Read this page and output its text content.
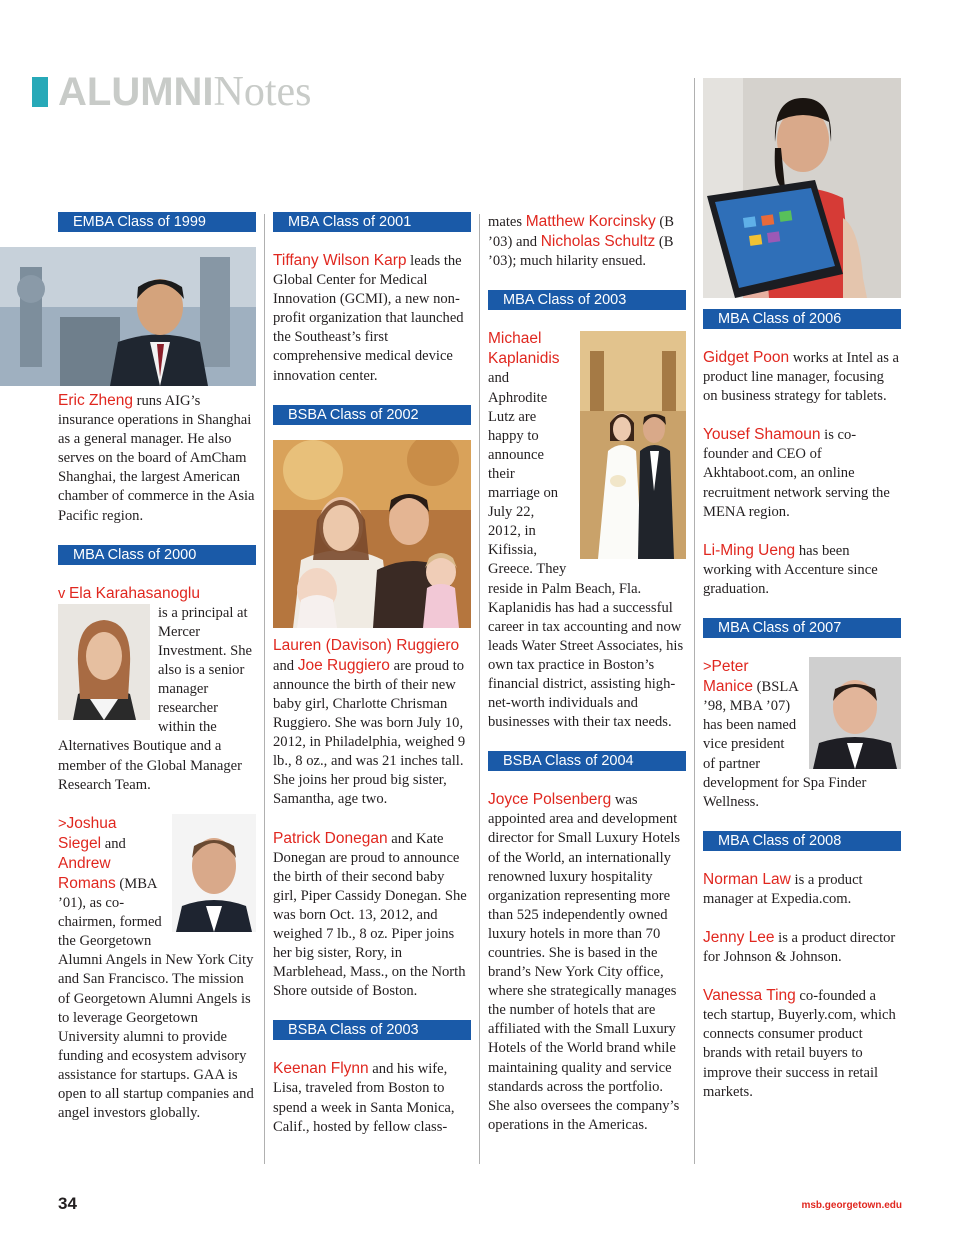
ALUMNI Notes
EMBA Class of 1999

Eric Zheng runs AIG’s insurance operations in Shanghai as a general manager. He also serves on the board of AmCham Shanghai, the largest American chamber of commerce in the Asia Pacific region.

MBA Class of 2000

v Ela Karahasanoglu

is a principal at Mercer Investment. She also is a senior manager researcher within the Alternatives Boutique and a member of the Global Manager Research Team.

>Joshua Siegel and Andrew Romans (MBA ’01), as co-chairmen, formed the Georgetown Alumni Angels in New York City and San Francisco. The mission of Georgetown Alumni Angels is to leverage Georgetown University alumni to provide funding and ecosystem advisory assistance for startups. GAA is open to all startup companies and angel investors globally.

MBA Class of 2001

Tiffany Wilson Karp leads the Global Center for Medical Innovation (GCMI), a new non-profit organization that launched the Southeast’s first comprehensive medical device innovation center.

BSBA Class of 2002

Lauren (Davison) Ruggiero and Joe Ruggiero are proud to announce the birth of their new baby girl, Charlotte Chrisman Ruggiero. She was born July 10, 2012, in Philadelphia, weighed 9 lb., 8 oz., and was 21 inches tall. She joins her proud big sister, Samantha, age two.

Patrick Donegan and Kate Donegan are proud to announce the birth of their second baby girl, Piper Cassidy Donegan. She was born Oct. 13, 2012, and weighed 7 lb., 8 oz. Piper joins her big sister, Rory, in Marblehead, Mass., on the North Shore outside of Boston.

BSBA Class of 2003

Keenan Flynn and his wife, Lisa, traveled from Boston to spend a week in Santa Monica, Calif., hosted by fellow class-

mates Matthew Korcinsky (B ’03) and Nicholas Schultz (B ’03); much hilarity ensued.

MBA Class of 2003

Michael Kaplanidis and Aphrodite Lutz are happy to announce their marriage on July 22, 2012, in Kifissia, Greece. They reside in Palm Beach, Fla. Kaplanidis has had a successful career in tax accounting and now leads Water Street Associates, his own tax practice in Boston’s financial district, assisting high-net-worth individuals and businesses with their tax needs.

BSBA Class of 2004

Joyce Polsenberg was appointed area and development director for Small Luxury Hotels of the World, an internationally renowned luxury hospitality organization representing more than 525 independently owned luxury hotels in more than 70 countries. She is based in the brand’s New York City office, where she strategically manages the number of hotels that are affiliated with the Small Luxury Hotels of the World brand while maintaining quality and service standards across the portfolio. She also oversees the company’s operations in the Americas.

MBA Class of 2006

Gidget Poon works at Intel as a product line manager, focusing on business strategy for tablets.

Yousef Shamoun is co-founder and CEO of Akhtaboot.com, an online recruitment network serving the MENA region.

Li-Ming Ueng has been working with Accenture since graduation.

MBA Class of 2007

>Peter Manice (BSLA ’98, MBA ’07) has been named vice president of partner development for Spa Finder Wellness.

MBA Class of 2008

Norman Law is a product manager at Expedia.com.

Jenny Lee is a product director for Johnson & Johnson.

Vanessa Ting co-founded a tech startup, Buyerly.com, which connects consumer product brands with retail buyers to improve their success in retail markets.

34	msb.georgetown.edu
